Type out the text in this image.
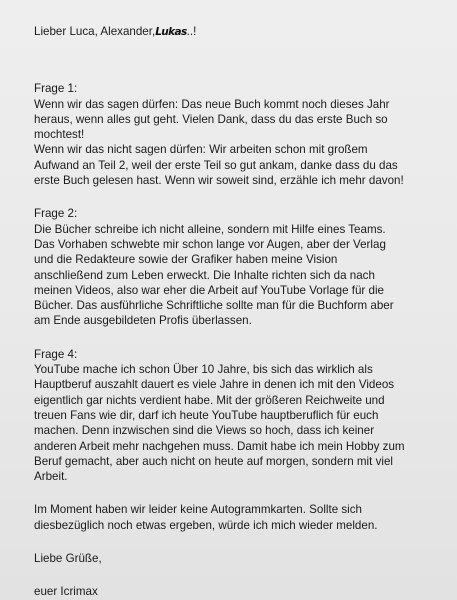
Lieber Luca, Alexander,Lukas..!
Frage 1:
Wenn wir das sagen dürfen: Das neue Buch kommt noch dieses Jahr
heraus, wenn alles gut geht. Vielen Dank, dass du das erste Buch so
mochtest!
Wenn wir das nicht sagen dürfen: Wir arbeiten schon mit großem
Aufwand an Teil 2, weil der erste Teil so gut ankam, danke dass du das
erste Buch gelesen hast. Wenn wir soweit sind, erzähle ich mehr davon!
Frage 2:
Die Bücher schreibe ich nicht alleine, sondern mit Hilfe eines Teams.
Das Vorhaben schwebte mir schon lange vor Augen, aber der Verlag
und die Redakteure sowie der Grafiker haben meine Vision
anschließend zum Leben erweckt. Die Inhalte richten sich da nach
meinen Videos, also war eher die Arbeit auf YouTube Vorlage für die
Bücher. Das ausführliche Schriftliche sollte man für die Buchform aber
am Ende ausgebildeten Profis überlassen.
Frage 4:
YouTube mache ich schon Über 10 Jahre, bis sich das wirklich als
Hauptberuf auszahlt dauert es viele Jahre in denen ich mit den Videos
eigentlich gar nichts verdient habe. Mit der größeren Reichweite und
treuen Fans wie dir, darf ich heute YouTube hauptberuflich für euch
machen. Denn inzwischen sind die Views so hoch, dass ich keiner
anderen Arbeit mehr nachgehen muss. Damit habe ich mein Hobby zum
Beruf gemacht, aber auch nicht on heute auf morgen, sondern mit viel
Arbeit.
Im Moment haben wir leider keine Autogrammkarten. Sollte sich
diesbezüglich noch etwas ergeben, würde ich mich wieder melden.
Liebe Grüße,
euer Icrimax
